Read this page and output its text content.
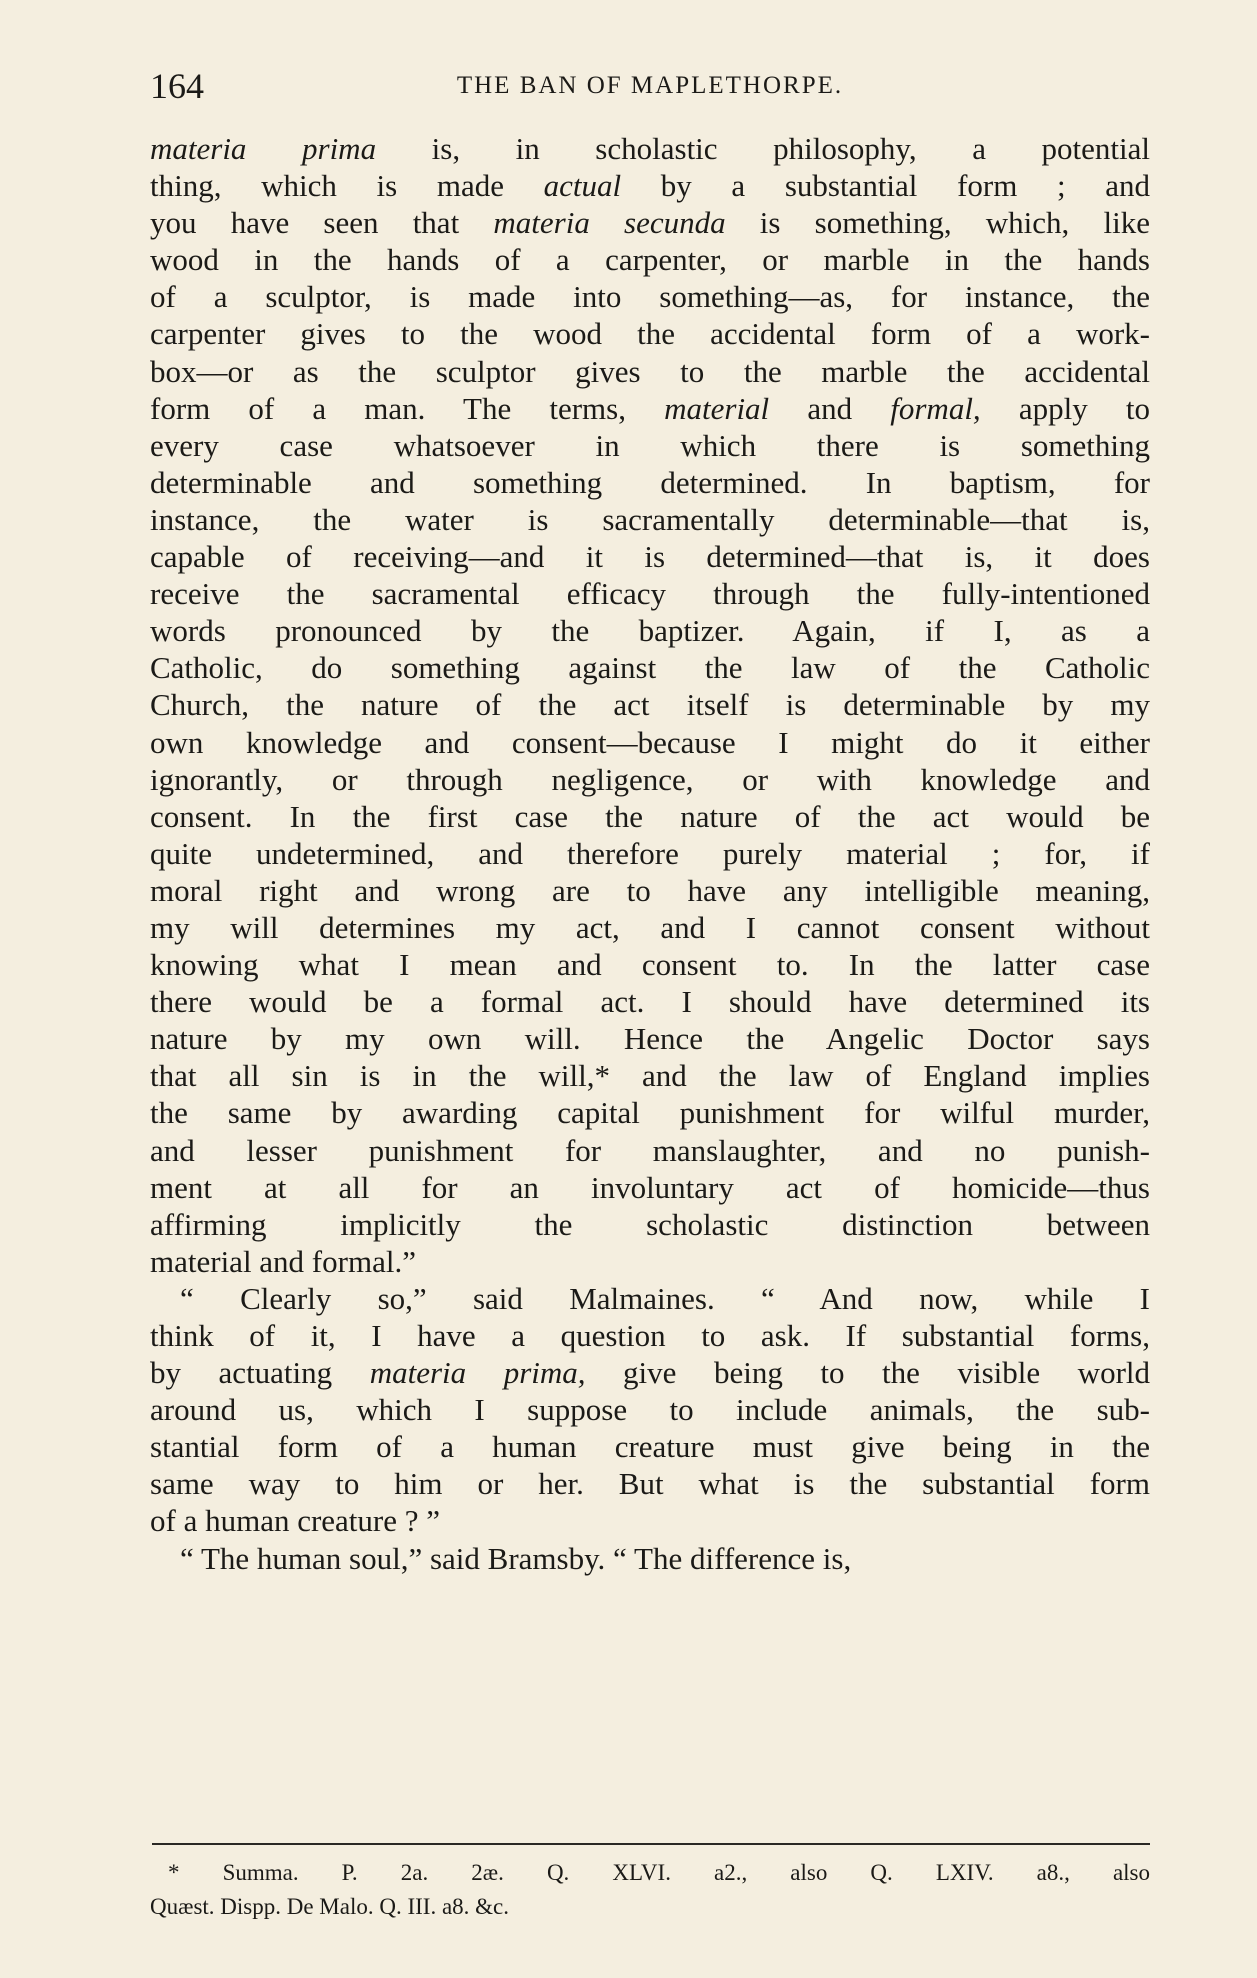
164	THE BAN OF MAPLETHORPE.
materia prima is, in scholastic philosophy, a potential
thing, which is made actual by a substantial form ; and
you have seen that materia secunda is something, which, like
wood in the hands of a carpenter, or marble in the hands
of a sculptor, is made into something—as, for instance, the
carpenter gives to the wood the accidental form of a work-
box—or as the sculptor gives to the marble the accidental
form of a man. The terms, material and formal, apply to
every case whatsoever in which there is something
determinable and something determined. In baptism, for
instance, the water is sacramentally determinable—that is,
capable of receiving—and it is determined—that is, it does
receive the sacramental efficacy through the fully-intentioned
words pronounced by the baptizer. Again, if I, as a
Catholic, do something against the law of the Catholic
Church, the nature of the act itself is determinable by my
own knowledge and consent—because I might do it either
ignorantly, or through negligence, or with knowledge and
consent. In the first case the nature of the act would be
quite undetermined, and therefore purely material ; for, if
moral right and wrong are to have any intelligible meaning,
my will determines my act, and I cannot consent without
knowing what I mean and consent to. In the latter case
there would be a formal act. I should have determined its
nature by my own will. Hence the Angelic Doctor says
that all sin is in the will,* and the law of England implies
the same by awarding capital punishment for wilful murder,
and lesser punishment for manslaughter, and no punish-
ment at all for an involuntary act of homicide—thus
affirming implicitly the scholastic distinction between
material and formal.”
“ Clearly so,” said Malmaines. “ And now, while I
think of it, I have a question to ask. If substantial forms,
by actuating materia prima, give being to the visible world
around us, which I suppose to include animals, the sub-
stantial form of a human creature must give being in the
same way to him or her. But what is the substantial form
of a human creature ? ”
“ The human soul,” said Bramsby. “ The difference is,
* Summa. P. 2a. 2æ. Q. XLVI. a2., also Q. LXIV. a8., also
Quæst. Dispp. De Malo. Q. III. a8. &c.
